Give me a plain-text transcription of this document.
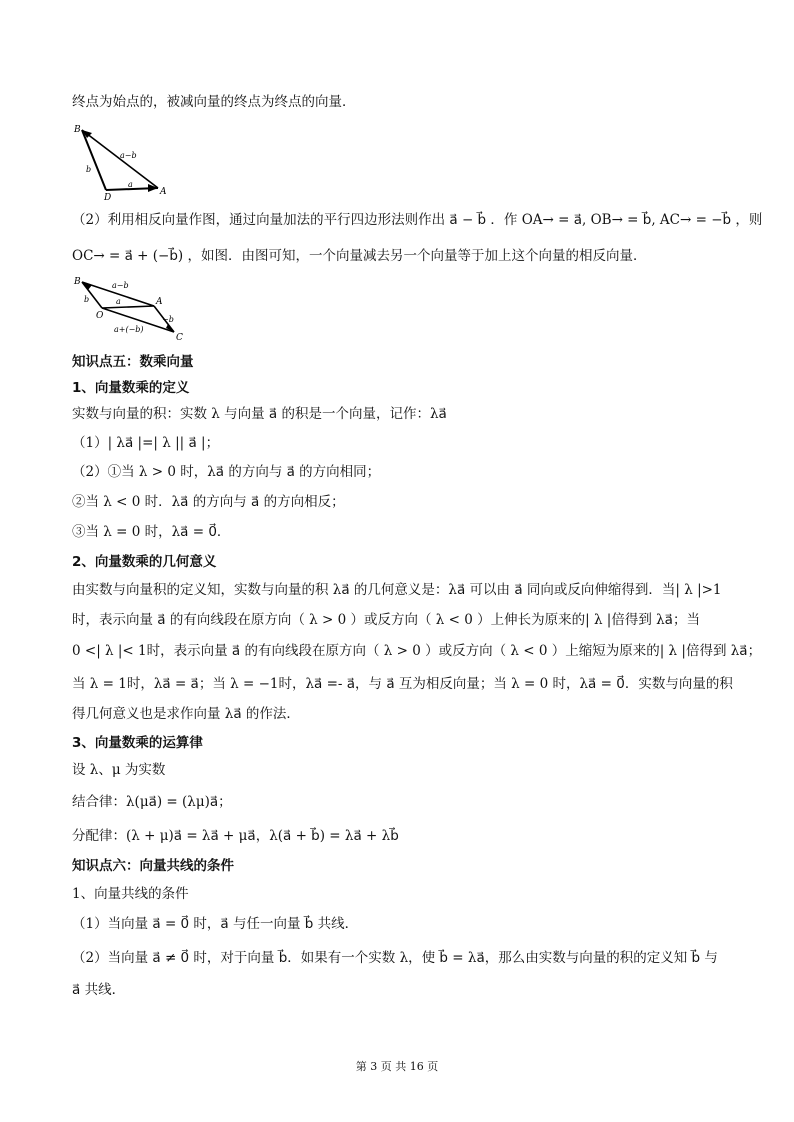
终点为始点的，被减向量的终点为终点的向量．
B
D
A
a−b
b
a
（2）利用相反向量作图，通过向量加法的平行四边形法则作出 a⃗ − b⃗ ．作 OA→ = a⃗, OB→ = b⃗, AC→ = −b⃗ ，则
OC→ = a⃗ + (−b⃗) ，如图．由图可知，一个向量减去另一个向量等于加上这个向量的相反向量．
B
O
A
C
a−b
b	a
−b
a+(−b)
知识点五：数乘向量
1、向量数乘的定义
实数与向量的积：实数 λ 与向量 a⃗ 的积是一个向量，记作：λa⃗
（1）| λa⃗ |=| λ || a⃗ |；
（2）①当 λ > 0 时，λa⃗ 的方向与 a⃗ 的方向相同；
②当 λ < 0 时．λa⃗ 的方向与 a⃗ 的方向相反；
③当 λ = 0 时，λa⃗ = 0⃗．
2、向量数乘的几何意义
由实数与向量积的定义知，实数与向量的积 λa⃗ 的几何意义是：λa⃗ 可以由 a⃗ 同向或反向伸缩得到．当| λ |>1
时，表示向量 a⃗ 的有向线段在原方向（ λ > 0 ）或反方向（ λ < 0 ）上伸长为原来的| λ |倍得到 λa⃗；当
0 <| λ |< 1时，表示向量 a⃗ 的有向线段在原方向（ λ > 0 ）或反方向（ λ < 0 ）上缩短为原来的| λ |倍得到 λa⃗；
当 λ = 1时，λa⃗ = a⃗；当 λ = −1时，λa⃗ =- a⃗，与 a⃗ 互为相反向量；当 λ = 0 时，λa⃗ = 0⃗．实数与向量的积
得几何意义也是求作向量 λa⃗ 的作法．
3、向量数乘的运算律
设 λ、μ 为实数
结合律：λ(μa⃗) = (λμ)a⃗；
分配律：(λ + μ)a⃗ = λa⃗ + μa⃗，λ(a⃗ + b⃗) = λa⃗ + λb⃗
知识点六：向量共线的条件
1、向量共线的条件
（1）当向量 a⃗ = 0⃗ 时，a⃗ 与任一向量 b⃗ 共线．
（2）当向量 a⃗ ≠ 0⃗ 时，对于向量 b⃗．如果有一个实数 λ，使 b⃗ = λa⃗，那么由实数与向量的积的定义知 b⃗ 与
a⃗ 共线．
第 3 页 共 16 页
